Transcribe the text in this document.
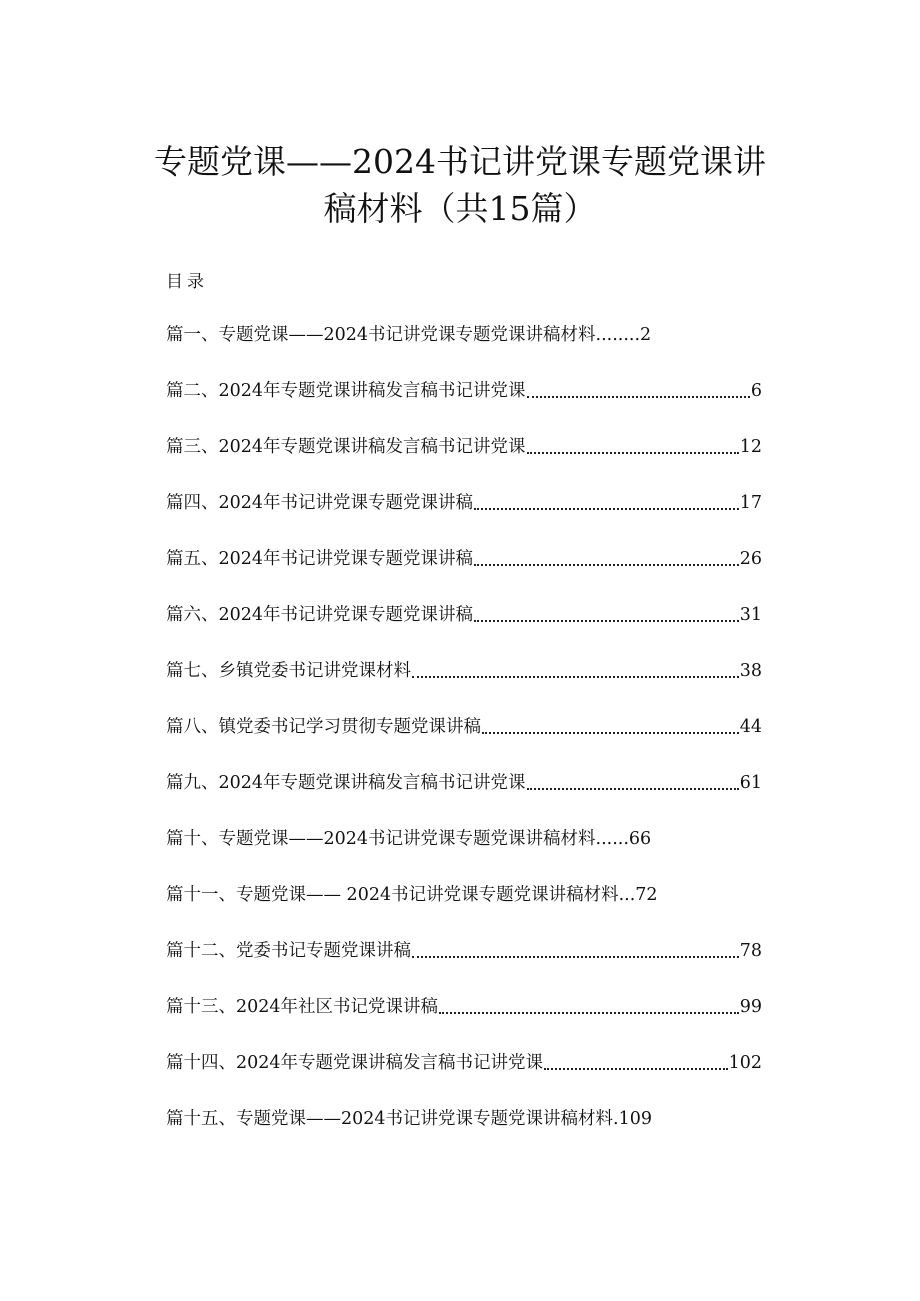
专题党课——2024书记讲党课专题党课讲
稿材料（共15篇）
目录
篇一、专题党课——2024书记讲党课专题党课讲稿材料 ........2
篇二、2024年专题党课讲稿发言稿书记讲党课	6
篇三、2024年专题党课讲稿发言稿书记讲党课	12
篇四、2024年书记讲党课专题党课讲稿	17
篇五、2024年书记讲党课专题党课讲稿	26
篇六、2024年书记讲党课专题党课讲稿	31
篇七、乡镇党委书记讲党课材料	38
篇八、镇党委书记学习贯彻专题党课讲稿	44
篇九、2024年专题党课讲稿发言稿书记讲党课	61
篇十、专题党课——2024书记讲党课专题党课讲稿材料 ......66
篇十一、专题党课—— 2024书记讲党课专题党课讲稿材料 ...72
篇十二、党委书记专题党课讲稿	78
篇十三、2024年社区书记党课讲稿	99
篇十四、2024年专题党课讲稿发言稿书记讲党课	102
篇十五、专题党课——2024书记讲党课专题党课讲稿材料 .109
